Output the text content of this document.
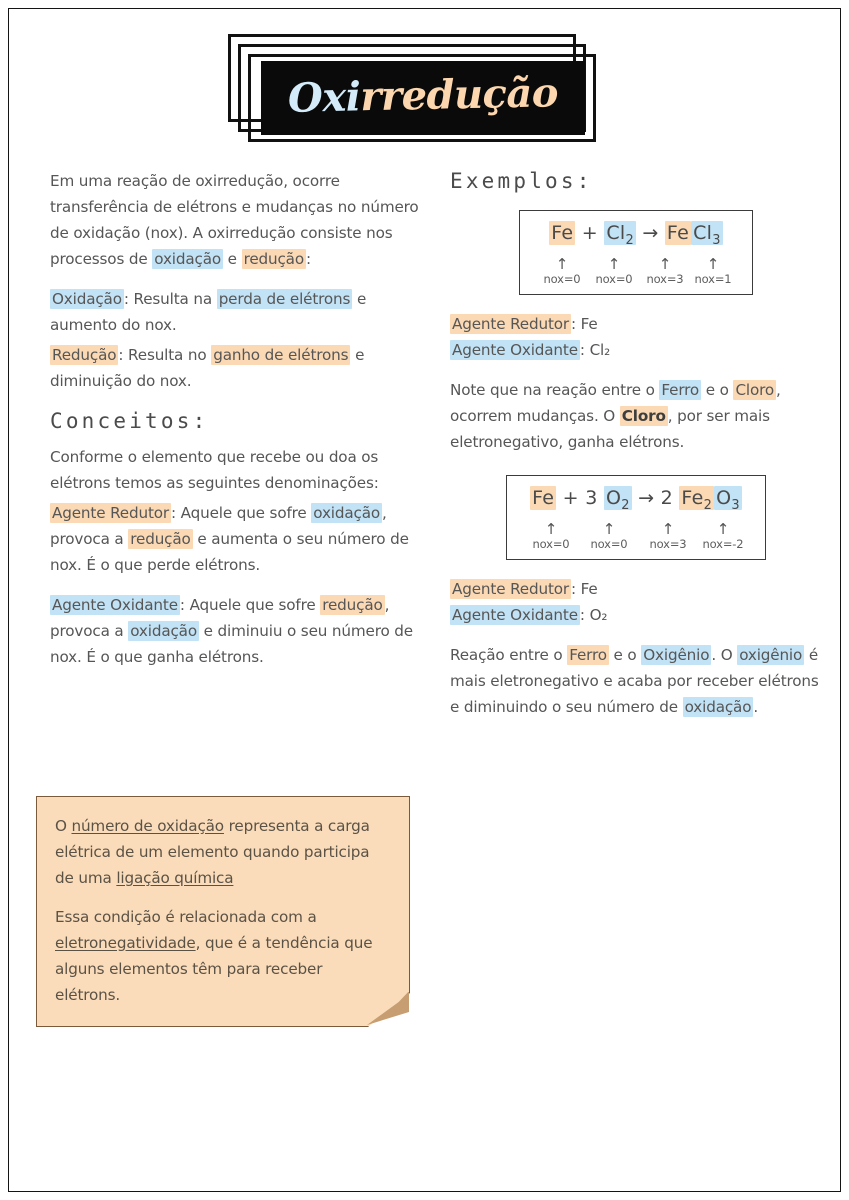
Oxirredução

Em uma reação de oxirredução, ocorre transferência de elétrons e mudanças no número de oxidação (nox). A oxirredução consiste nos processos de oxidação e redução :

Oxidação : Resulta na perda de elétrons e aumento do nox.

Redução : Resulta no ganho de elétrons e diminuição do nox.

Conceitos:

Conforme o elemento que recebe ou doa os elétrons temos as seguintes denominações:

Agente Redutor : Aquele que sofre oxidação , provoca a redução e aumenta o seu número de nox. É o que perde elétrons.

Agente Oxidante : Aquele que sofre redução , provoca a oxidação e diminuiu o seu número de nox. É o que ganha elétrons.

O número de oxidação representa a carga elétrica de um elemento quando participa de uma ligação química

Essa condição é relacionada com a eletronegatividade, que é a tendência que alguns elementos têm para receber elétrons.

Exemplos:
$Fe + Cl_2 \to Fe$ $Cl_3$
↑	↑	↑	↑
nox=0	nox=0	nox=3 nox=1

Agente Redutor : Fe

Agente Oxidante : Cl₂

Note que na reação entre o Ferro e o Cloro , ocorrem mudanças. O Cloro , por ser mais eletronegativo, ganha elétrons.

Fe + 3 $O_2 \to 2$ $Fe_2$ $O_3$
↑	↑	↑	↑
nox=0	nox=0	nox=3	nox=-2

Agente Redutor : Fe

Agente Oxidante : O₂

Reação entre o Ferro e o Oxigênio . O oxigênio é mais eletronegativo e acaba por receber elétrons e diminuindo o seu número de oxidação .
